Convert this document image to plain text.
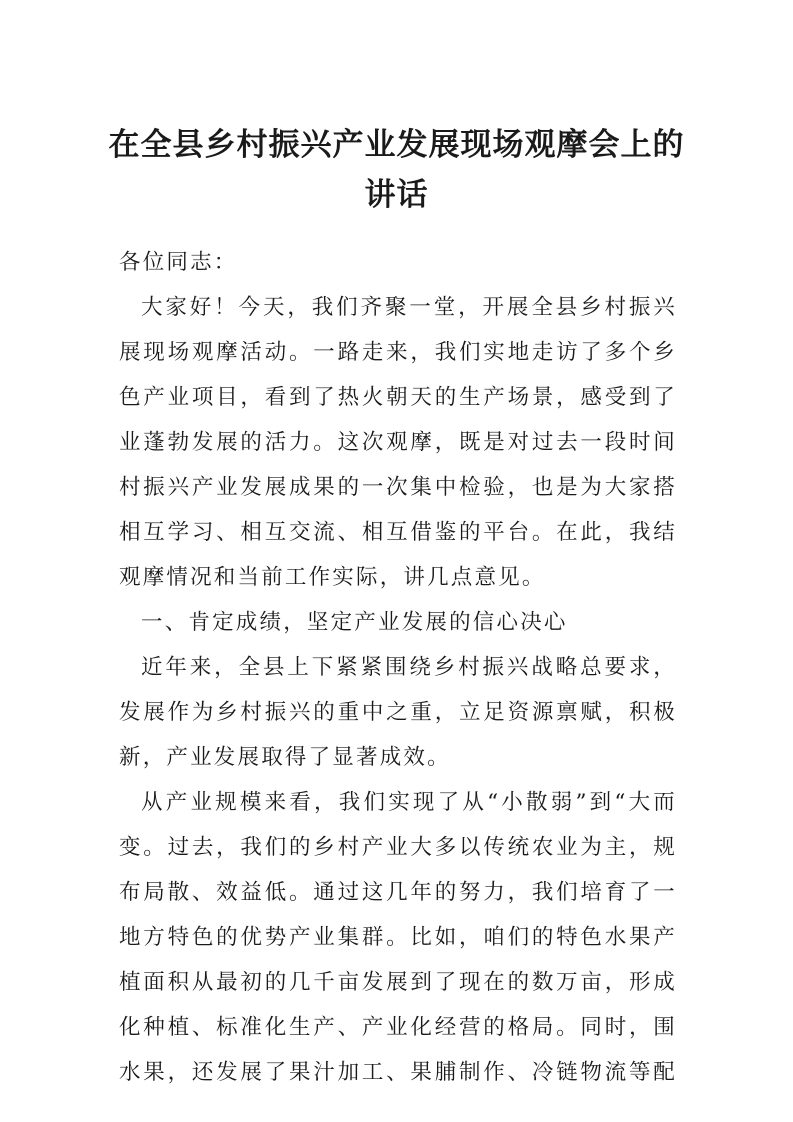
在全县乡村振兴产业发展现场观摩会上的
讲话
各位同志：
大家好！今天，我们齐聚一堂，开展全县乡村振兴
展现场观摩活动。一路走来，我们实地走访了多个乡
色产业项目，看到了热火朝天的生产场景，感受到了
业蓬勃发展的活力。这次观摩，既是对过去一段时间
村振兴产业发展成果的一次集中检验，也是为大家搭
相互学习、相互交流、相互借鉴的平台。在此，我结
观摩情况和当前工作实际，讲几点意见。
一、肯定成绩，坚定产业发展的信心决心
近年来，全县上下紧紧围绕乡村振兴战略总要求，
发展作为乡村振兴的重中之重，立足资源禀赋，积极
新，产业发展取得了显著成效。
从产业规模来看，我们实现了从“小散弱”到“大而
变。过去，我们的乡村产业大多以传统农业为主，规
布局散、效益低。通过这几年的努力，我们培育了一
地方特色的优势产业集群。比如，咱们的特色水果产
植面积从最初的几千亩发展到了现在的数万亩，形成
化种植、标准化生产、产业化经营的格局。同时，围
水果，还发展了果汁加工、果脯制作、冷链物流等配
